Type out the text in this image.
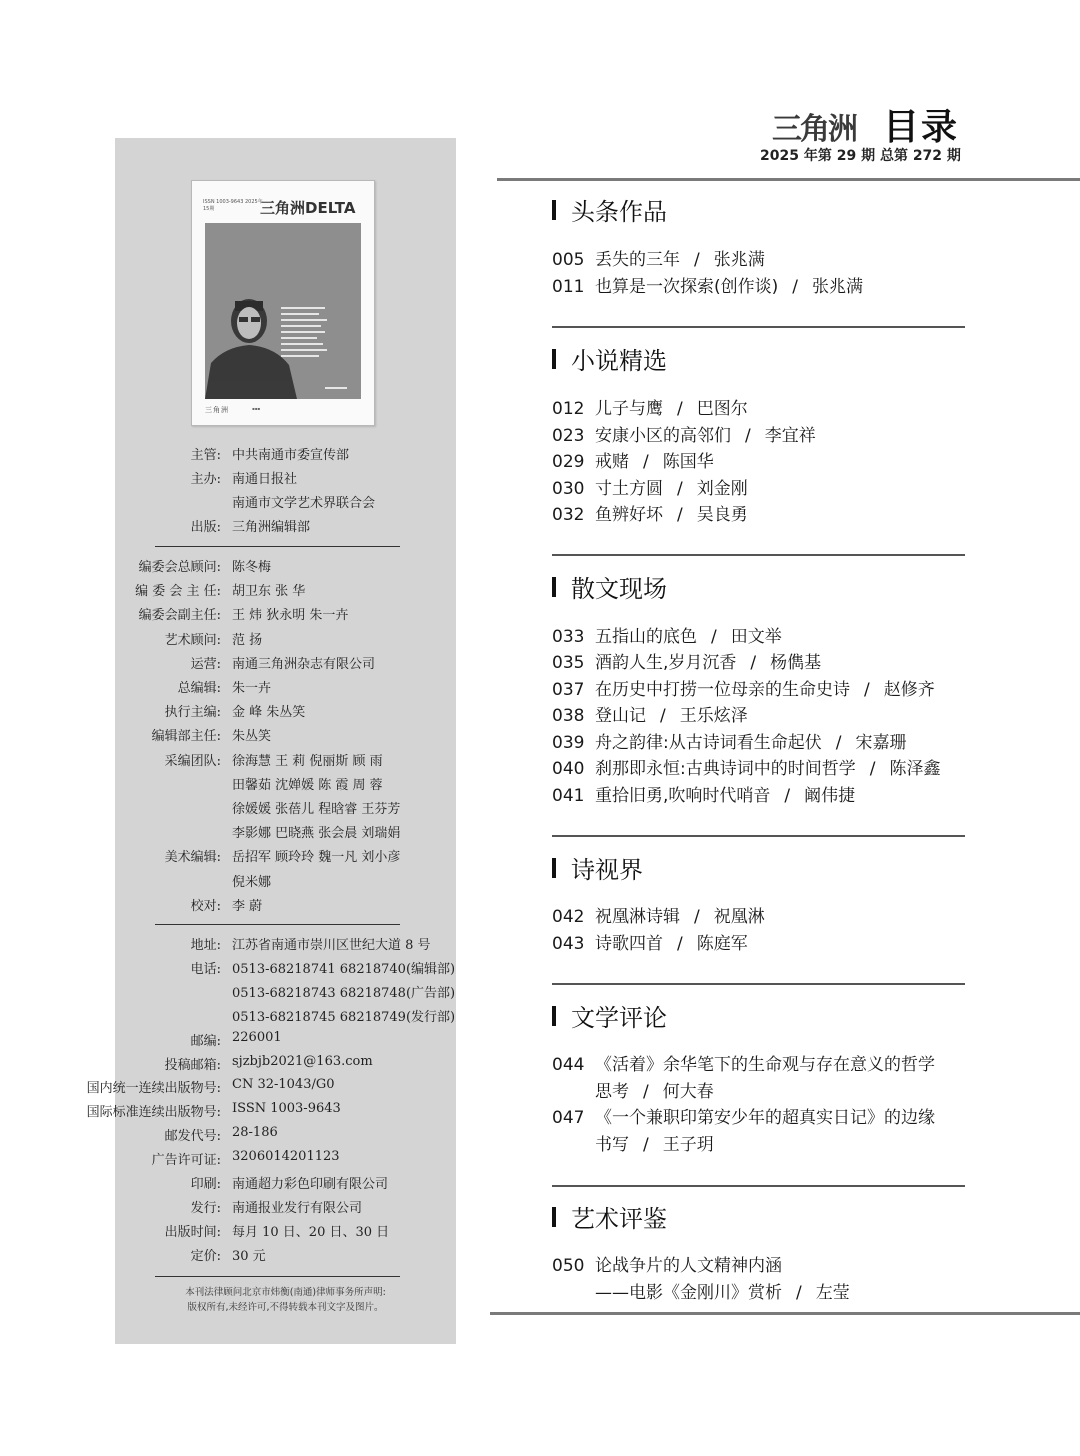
ISSN 1003-9643 2025年15期	三角洲DELTA
三角洲	▪▪▪
本刊法律顾问北京市炜衡(南通)律师事务所声明:
版权所有,未经许可,不得转载本刊文字及图片。
主管: 中共南通市委宣传部
主办: 南通日报社
南通市文学艺术界联合会
出版: 三角洲编辑部
编委会总顾问: 陈冬梅
编 委 会 主 任: 胡卫东 张 华
编委会副主任: 王 炜 狄永明 朱一卉
艺术顾问: 范 扬
运营: 南通三角洲杂志有限公司
总编辑: 朱一卉
执行主编: 金 峰 朱丛笑
编辑部主任: 朱丛笑
采编团队: 徐海慧 王 莉 倪丽斯 顾 雨
田馨茹 沈婵媛 陈 霞 周 蓉
徐媛媛 张蓓儿 程晗睿 王芬芳
李影娜 巴晓燕 张会晨 刘瑞娟
美术编辑: 岳招军 顾玲玲 魏一凡 刘小彦
倪米娜
校对: 李 蔚
地址: 江苏省南通市崇川区世纪大道 8 号
电话: 0513-68218741 68218740(编辑部)
0513-68218743 68218748(广告部)
0513-68218745 68218749(发行部)
邮编: 226001
投稿邮箱: sjzbjb2021@163.com
国内统一连续出版物号: CN 32-1043/G0
国际标准连续出版物号: ISSN 1003-9643
邮发代号: 28-186
广告许可证: 3206014201123
印刷: 南通超力彩色印刷有限公司
发行: 南通报业发行有限公司
出版时间: 每月 10 日、20 日、30 日
定价: 30 元
三角洲 目录
2025 年第 29 期 总第 272 期
头条作品
005 丢失的三年 / 张兆满
011 也算是一次探索(创作谈) / 张兆满
小说精选
012 儿子与鹰 / 巴图尔
023 安康小区的高邻们 / 李宜祥
029 戒赌 / 陈国华
030 寸土方圆 / 刘金刚
032 鱼辨好坏 / 吴良勇
散文现场
033 五指山的底色 / 田文举
035 酒韵人生,岁月沉香 / 杨儁基
037 在历史中打捞一位母亲的生命史诗 / 赵修齐
038 登山记 / 王乐炫泽
039 舟之韵律:从古诗词看生命起伏 / 宋嘉珊
040 刹那即永恒:古典诗词中的时间哲学 / 陈泽鑫
041 重拾旧勇,吹响时代哨音 / 阚伟捷
诗视界
042 祝凰淋诗辑 / 祝凰淋
043 诗歌四首 / 陈庭军
文学评论
思考 / 何大春
044 《活着》余华笔下的生命观与存在意义的哲学
书写 / 王子玥
047 《一个兼职印第安少年的超真实日记》的边缘
艺术评鉴
——电影《金刚川》赏析 / 左莹
050 论战争片的人文精神内涵
